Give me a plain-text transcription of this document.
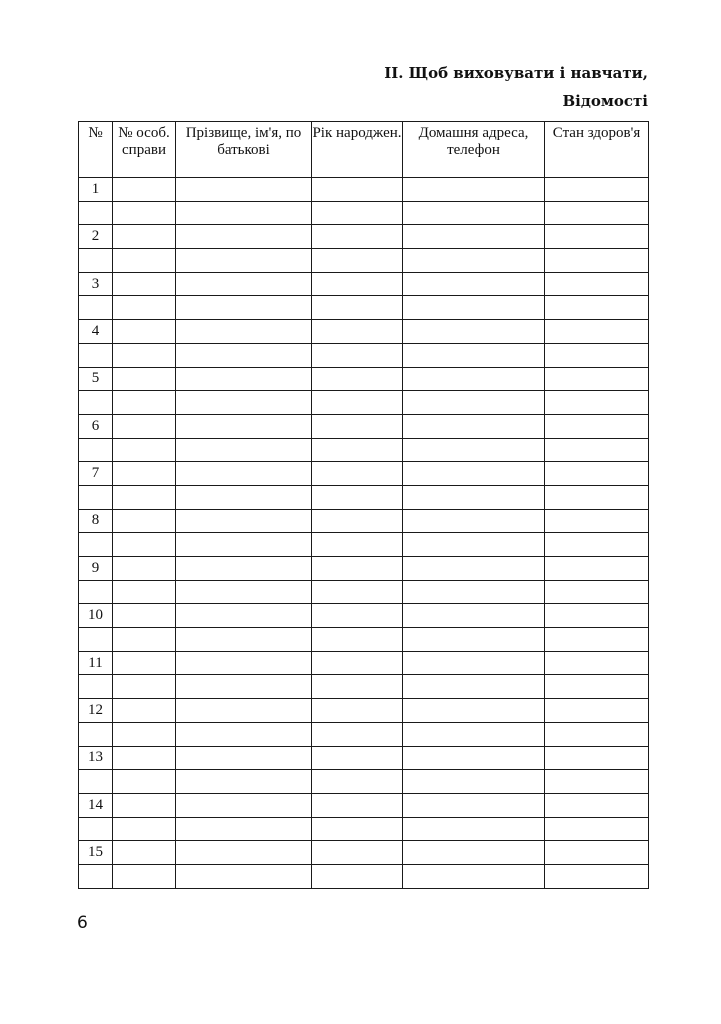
ІІ. Щоб виховувати і навчати,
Відомості
№	№ особ. справи	Прізвище, ім'я, по батькові	Рік народжен.	Домашня адреса, телефон	Стан здоров'я
1					

2					

3					

4					

5					

6					

7					

8					

9					

10					

11					

12					

13					

14					

15					

6
